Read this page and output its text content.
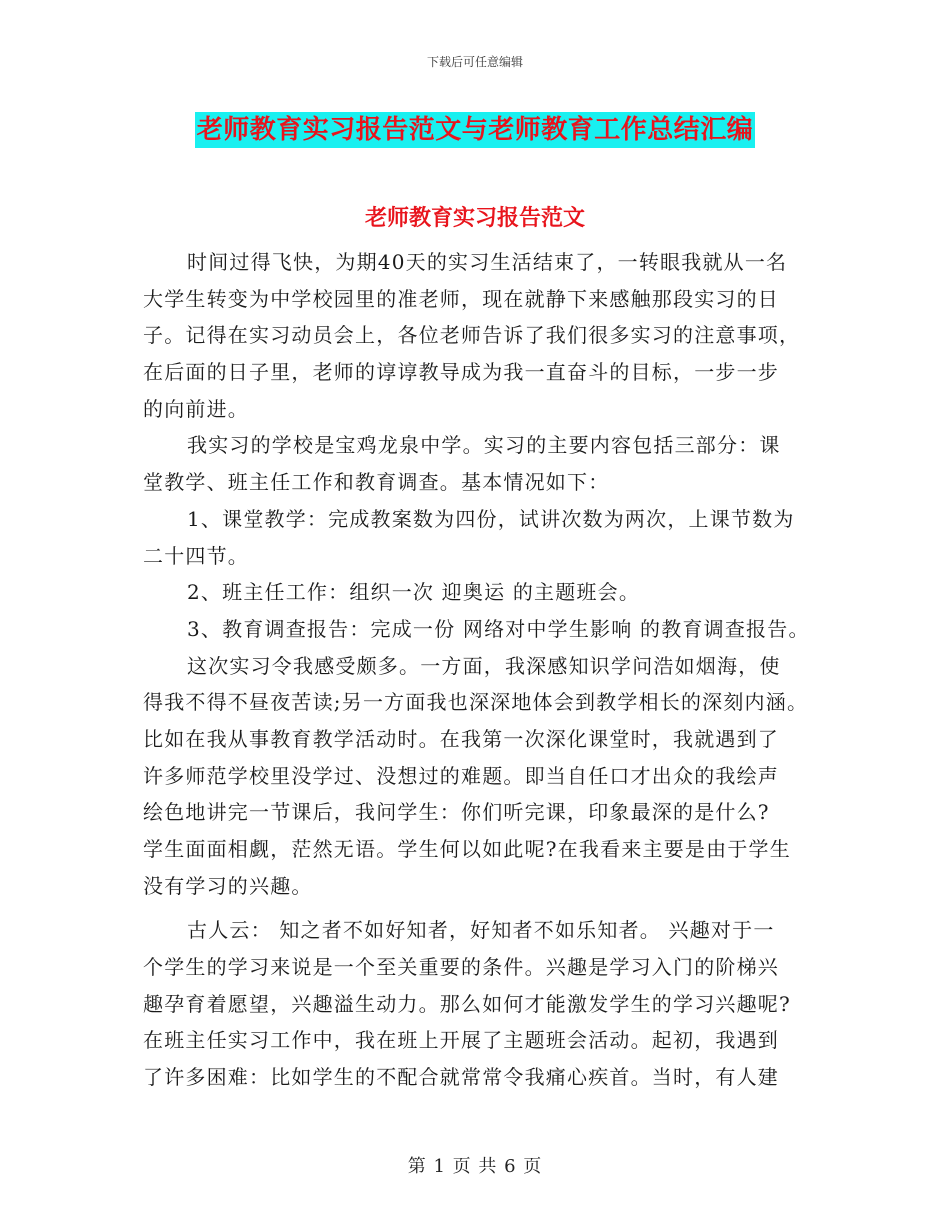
下载后可任意编辑
老师教育实习报告范文与老师教育工作总结汇编
老师教育实习报告范文
时间过得飞快，为期40天的实习生活结束了，一转眼我就从一名
大学生转变为中学校园里的准老师，现在就静下来感触那段实习的日
子。记得在实习动员会上，各位老师告诉了我们很多实习的注意事项，
在后面的日子里，老师的谆谆教导成为我一直奋斗的目标，一步一步
的向前进。
我实习的学校是宝鸡龙泉中学。实习的主要内容包括三部分：课
堂教学、班主任工作和教育调查。基本情况如下：
1、课堂教学：完成教案数为四份，试讲次数为两次，上课节数为
二十四节。
2、班主任工作：组织一次 迎奥运 的主题班会。
3、教育调查报告：完成一份 网络对中学生影响 的教育调查报告。
这次实习令我感受颇多。一方面，我深感知识学问浩如烟海，使
得我不得不昼夜苦读;另一方面我也深深地体会到教学相长的深刻内涵。
比如在我从事教育教学活动时。在我第一次深化课堂时，我就遇到了
许多师范学校里没学过、没想过的难题。即当自任口才出众的我绘声
绘色地讲完一节课后，我问学生：你们听完课，印象最深的是什么?
学生面面相觑，茫然无语。学生何以如此呢?在我看来主要是由于学生
没有学习的兴趣。
古人云： 知之者不如好知者，好知者不如乐知者。 兴趣对于一
个学生的学习来说是一个至关重要的条件。兴趣是学习入门的阶梯兴
趣孕育着愿望，兴趣溢生动力。那么如何才能激发学生的学习兴趣呢?
在班主任实习工作中，我在班上开展了主题班会活动。起初，我遇到
了许多困难：比如学生的不配合就常常令我痛心疾首。当时，有人建
第 1 页 共 6 页
